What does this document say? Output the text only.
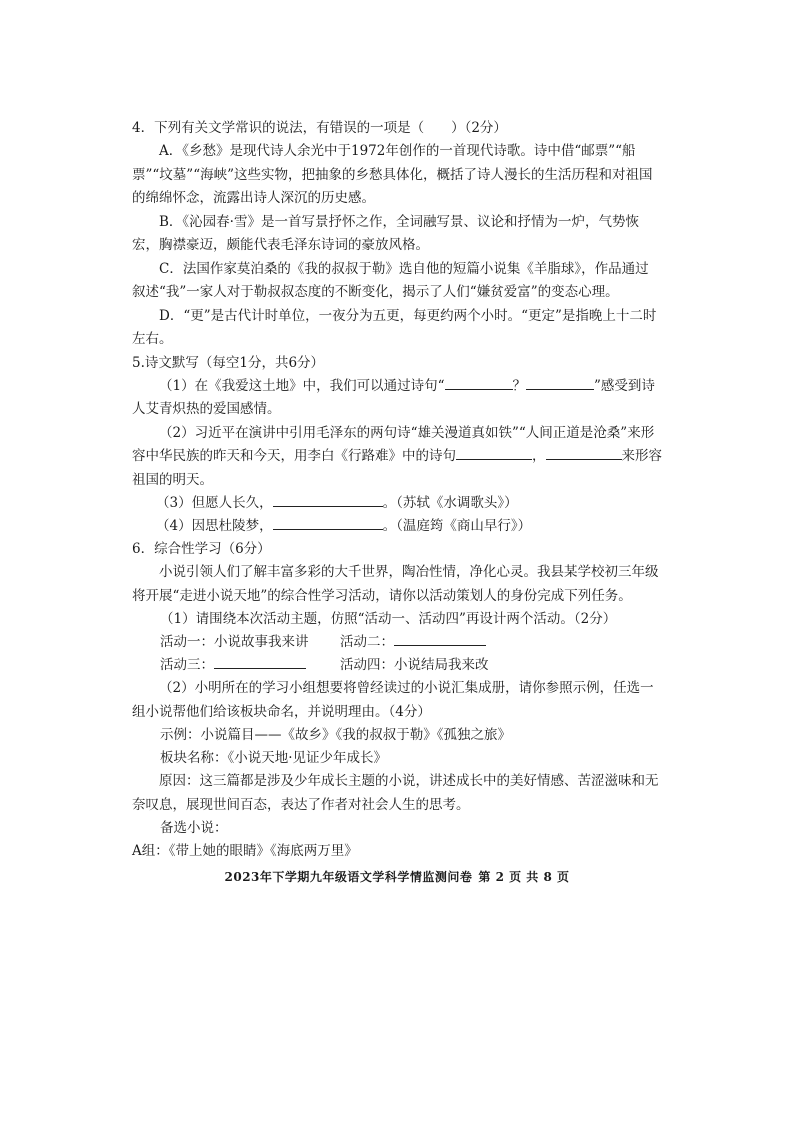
4．下列有关文学常识的说法，有错误的一项是（　　）（2分）

A．《乡愁》是现代诗人余光中于1972年创作的一首现代诗歌。诗中借“邮票”“船票”“坟墓”“海峡”这些实物，把抽象的乡愁具体化，概括了诗人漫长的生活历程和对祖国的绵绵怀念，流露出诗人深沉的历史感。

B．《沁园春·雪》是一首写景抒怀之作，全词融写景、议论和抒情为一炉，气势恢宏，胸襟豪迈，颇能代表毛泽东诗词的豪放风格。

C．法国作家莫泊桑的《我的叔叔于勒》选自他的短篇小说集《羊脂球》，作品通过叙述“我”一家人对于勒叔叔态度的不断变化，揭示了人们“嫌贫爱富”的变态心理。

D．“更”是古代计时单位，一夜分为五更，每更约两个小时。“更定”是指晚上十二时左右。

5.诗文默写（每空1分，共6分）

（1）在《我爱这土地》中，我们可以通过诗句“	？	”感受到诗人艾青炽热的爱国感情。

（2）习近平在演讲中引用毛泽东的两句诗“雄关漫道真如铁”“人间正道是沧桑”来形容中华民族的昨天和今天，用李白《行路难》中的诗句	，	来形容祖国的明天。

（3）但愿人长久，	。（苏轼《水调歌头》）

（4）因思杜陵梦，	。（温庭筠《商山早行》）

6．综合性学习（6分）

小说引领人们了解丰富多彩的大千世界，陶冶性情，净化心灵。我县某学校初三年级将开展“走进小说天地”的综合性学习活动，请你以活动策划人的身份完成下列任务。

（1）请围绕本次活动主题，仿照“活动一、活动四”再设计两个活动。（2分）

活动一：小说故事我来讲 活动二：

活动三：	活动四：小说结局我来改

（2）小明所在的学习小组想要将曾经读过的小说汇集成册，请你参照示例，任选一组小说帮他们给该板块命名，并说明理由。（4分）

示例：小说篇目——《故乡》《我的叔叔于勒》《孤独之旅》

板块名称：《小说天地·见证少年成长》

原因：这三篇都是涉及少年成长主题的小说，讲述成长中的美好情感、苦涩滋味和无奈叹息，展现世间百态，表达了作者对社会人生的思考。

备选小说：

A组：《带上她的眼睛》《海底两万里》

2023年下学期九年级语文学科学情监测问卷 第 2 页 共 8 页
